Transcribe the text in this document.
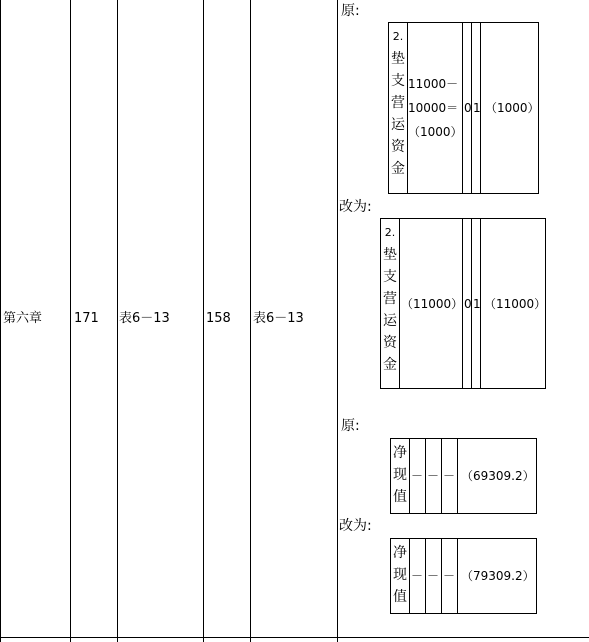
第六章 171 表6－13	158 表6－13
原:
2.
垫
支
营
运
资
金
11000－
10000＝
（1000）
0 1 （1000）
改为:
2.
垫
支
营
运
资
金
（11000） 0 1 （11000）
原:
净
现
值
－ － － （69309.2）
改为:
净
现
值
－ － － （79309.2）
